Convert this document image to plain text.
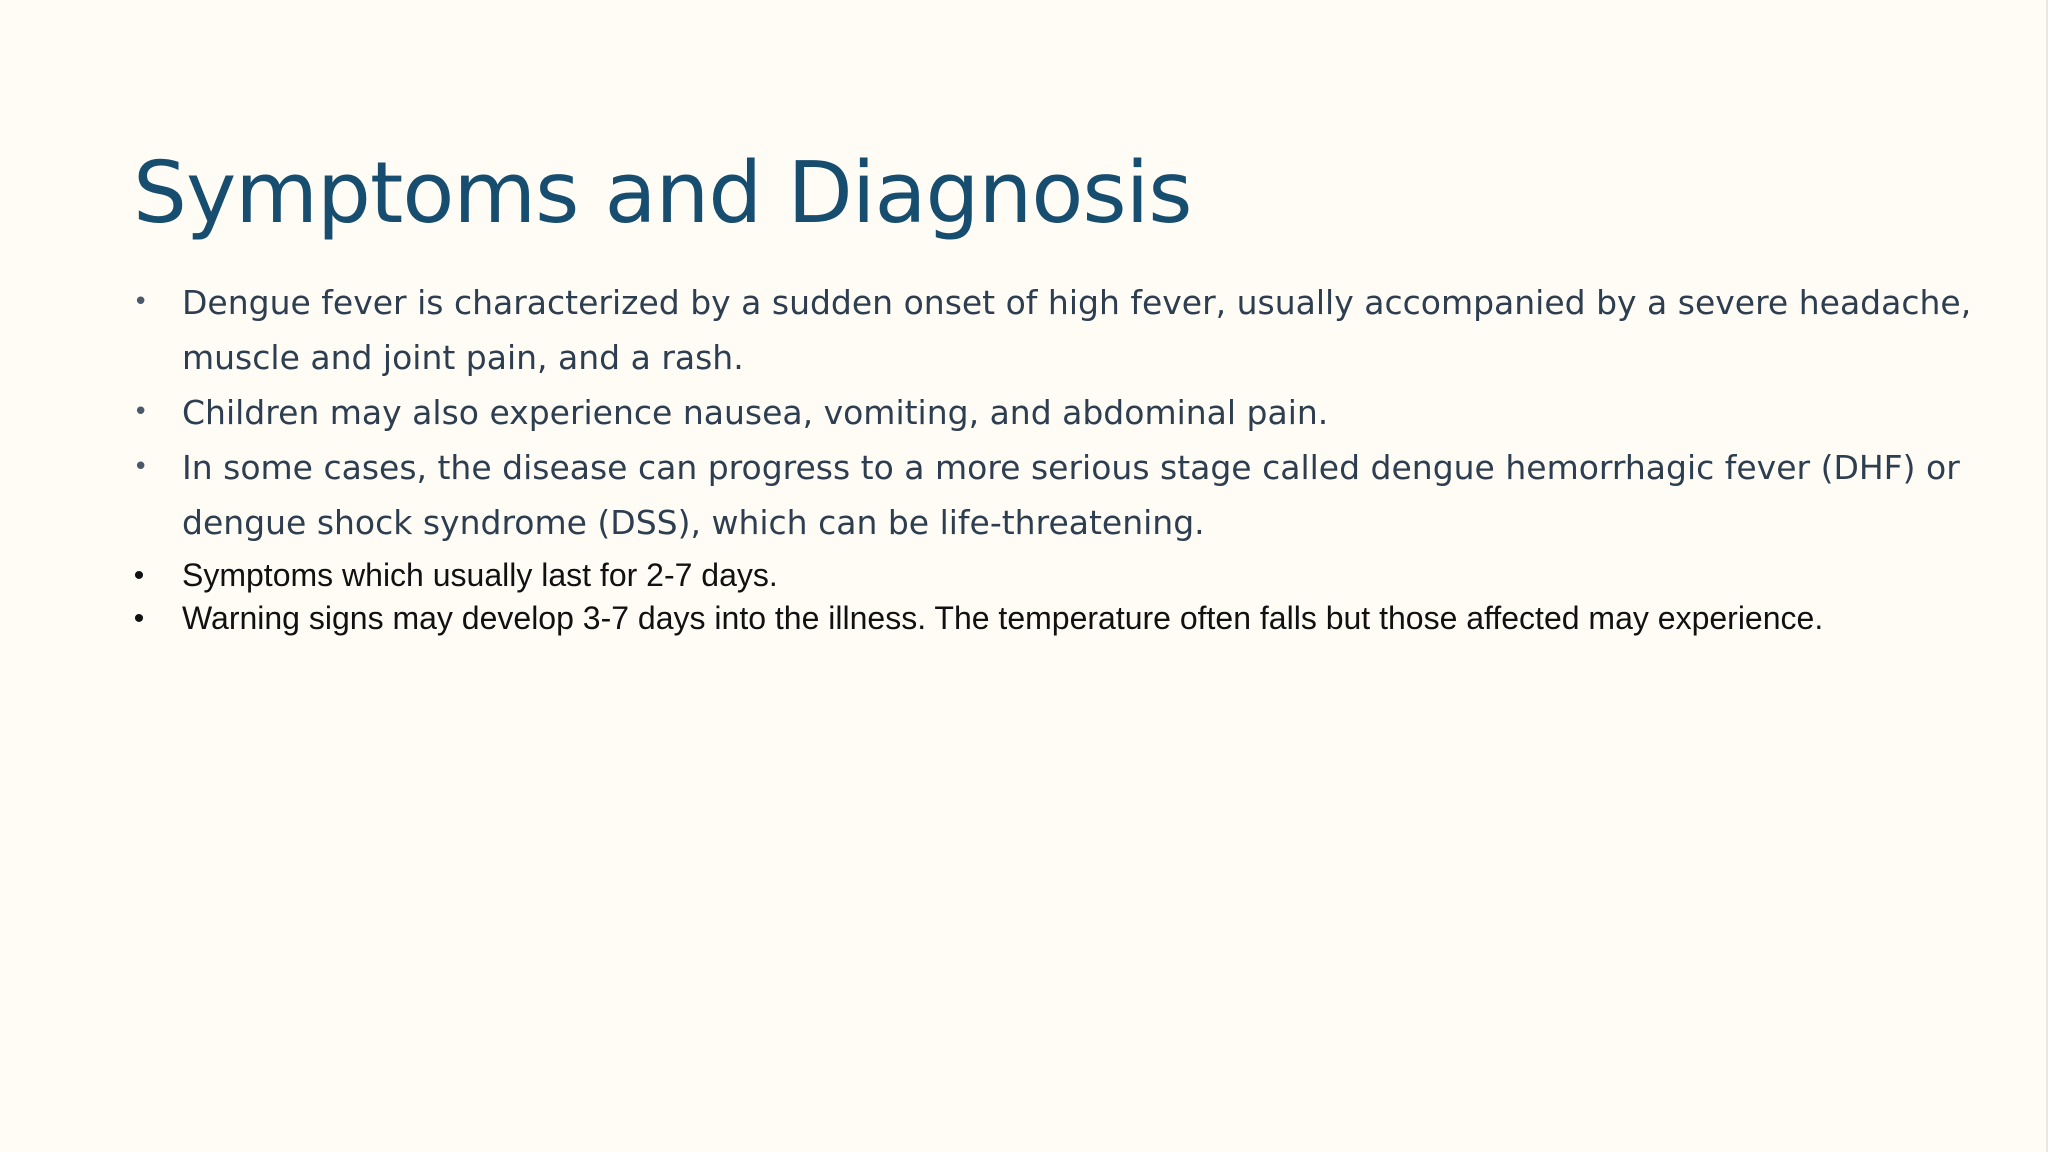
Symptoms and Diagnosis
• Dengue fever is characterized by a sudden onset of high fever, usually accompanied by a severe headache, muscle and joint pain, and a rash.
• Children may also experience nausea, vomiting, and abdominal pain.
• In some cases, the disease can progress to a more serious stage called dengue hemorrhagic fever (DHF) or dengue shock syndrome (DSS), which can be life-threatening.
• Symptoms which usually last for 2-7 days.
• Warning signs may develop 3-7 days into the illness. The temperature often falls but those affected may experience.
